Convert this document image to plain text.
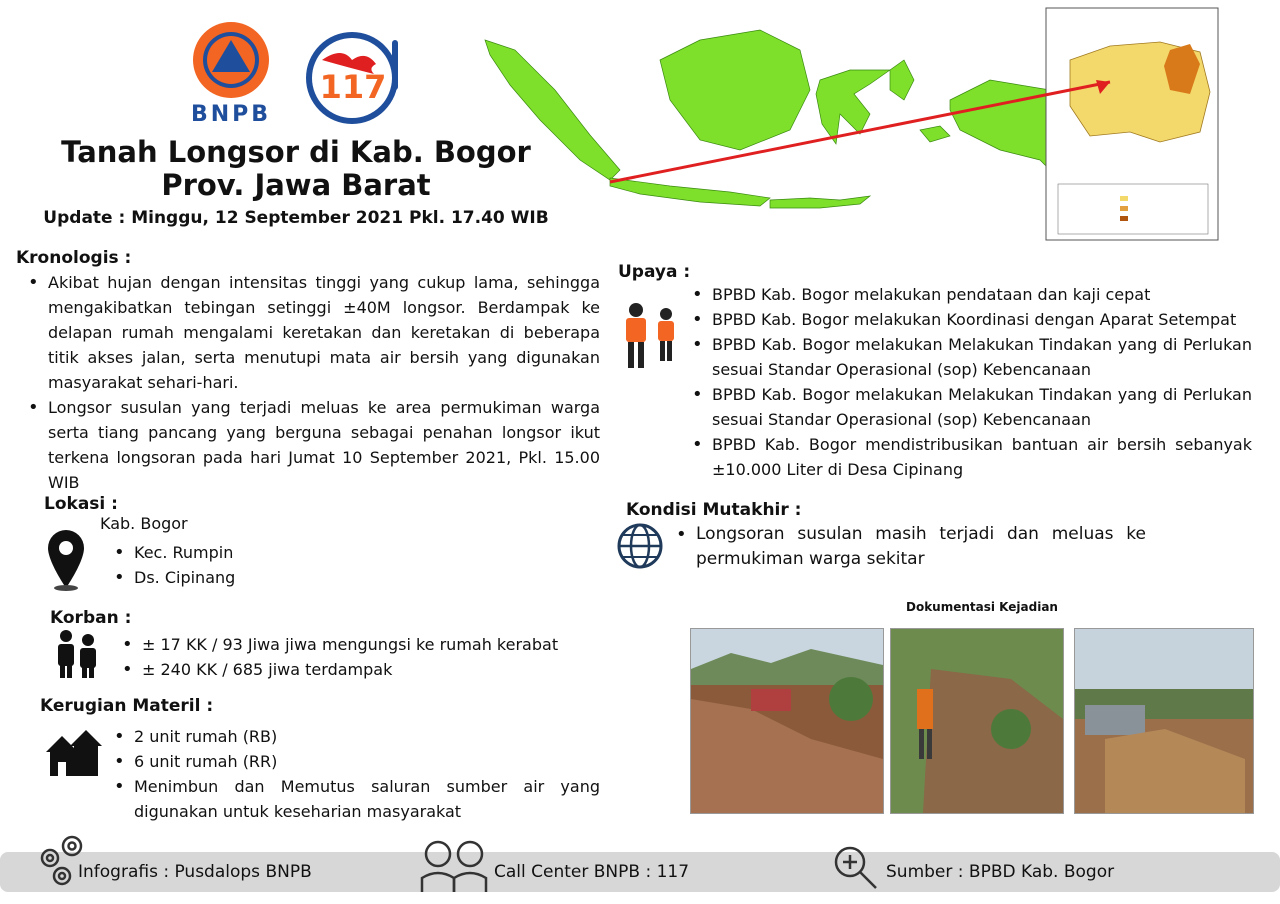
BNPB
117
Tanah Longsor di Kab. Bogor
Prov. Jawa Barat
Update : Minggu, 12 September 2021 Pkl. 17.40 WIB
Kronologis :
• Akibat hujan dengan intensitas tinggi yang cukup lama, sehingga mengakibatkan tebingan setinggi ±40M longsor. Berdampak ke delapan rumah mengalami keretakan dan keretakan di beberapa titik akses jalan, serta menutupi mata air bersih yang digunakan masyarakat sehari-hari.
• Longsor susulan yang terjadi meluas ke area permukiman warga serta tiang pancang yang berguna sebagai penahan longsor ikut terkena longsoran pada hari Jumat 10 September 2021, Pkl. 15.00 WIB
Lokasi :
Kab. Bogor
• Kec. Rumpin
• Ds. Cipinang
Korban :
• ± 17 KK / 93 Jiwa jiwa mengungsi ke rumah kerabat
• ± 240 KK / 685 jiwa terdampak
Kerugian Materil :
• 2 unit rumah (RB)
• 6 unit rumah (RR)
• Menimbun dan Memutus saluran sumber air yang digunakan untuk keseharian masyarakat
Upaya :
• BPBD Kab. Bogor melakukan pendataan dan kaji cepat
• BPBD Kab. Bogor melakukan Koordinasi dengan Aparat Setempat
• BPBD Kab. Bogor melakukan Melakukan Tindakan yang di Perlukan sesuai Standar Operasional (sop) Kebencanaan
• BPBD Kab. Bogor melakukan Melakukan Tindakan yang di Perlukan sesuai Standar Operasional (sop) Kebencanaan
• BPBD Kab. Bogor mendistribusikan bantuan air bersih sebanyak ±10.000 Liter di Desa Cipinang
Kondisi Mutakhir :
• Longsoran susulan masih terjadi dan meluas ke permukiman warga sekitar
Dokumentasi Kejadian
Infografis : Pusdalops BNPB	Call Center BNPB : 117	Sumber : BPBD Kab. Bogor
